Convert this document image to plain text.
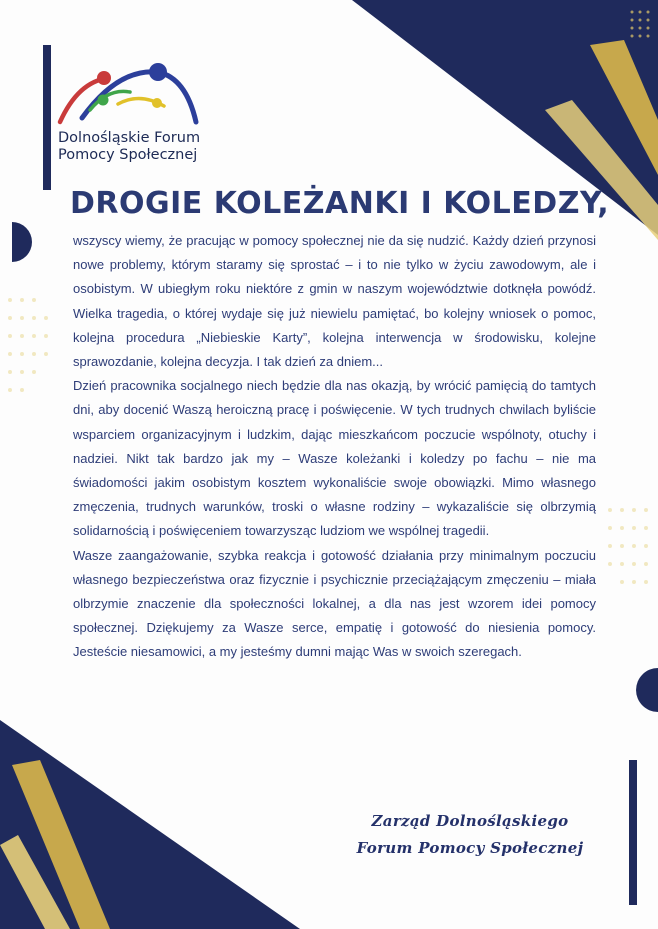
Dolnośląskie Forum
Pomocy Społecznej
DROGIE KOLEŻANKI I KOLEDZY,

wszyscy wiemy, że pracując w pomocy społecznej nie da się nudzić. Każdy dzień przynosi nowe problemy, którym staramy się sprostać – i to nie tylko w życiu zawodowym, ale i osobistym. W ubiegłym roku niektóre z gmin w naszym województwie dotknęła powódź. Wielka tragedia, o której wydaje się już niewielu pamiętać, bo kolejny wniosek o pomoc, kolejna procedura „Niebieskie Karty”, kolejna interwencja w środowisku, kolejne sprawozdanie, kolejna decyzja. I tak dzień za dniem...

Dzień pracownika socjalnego niech będzie dla nas okazją, by wrócić pamięcią do tamtych dni, aby docenić Waszą heroiczną pracę i poświęcenie. W tych trudnych chwilach byliście wsparciem organizacyjnym i ludzkim, dając mieszkańcom poczucie wspólnoty, otuchy i nadziei. Nikt tak bardzo jak my – Wasze koleżanki i koledzy po fachu – nie ma świadomości jakim osobistym kosztem wykonaliście swoje obowiązki. Mimo własnego zmęczenia, trudnych warunków, troski o własne rodziny – wykazaliście się olbrzymią solidarnością i poświęceniem towarzysząc ludziom we wspólnej tragedii.

Wasze zaangażowanie, szybka reakcja i gotowość działania przy minimalnym poczuciu własnego bezpieczeństwa oraz fizycznie i psychicznie przeciążającym zmęczeniu – miała olbrzymie znaczenie dla społeczności lokalnej, a dla nas jest wzorem idei pomocy społecznej. Dziękujemy za Wasze serce, empatię i gotowość do niesienia pomocy. Jesteście niesamowici, a my jesteśmy dumni mając Was w swoich szeregach.

Zarząd Dolnośląskiego
Forum Pomocy Społecznej
